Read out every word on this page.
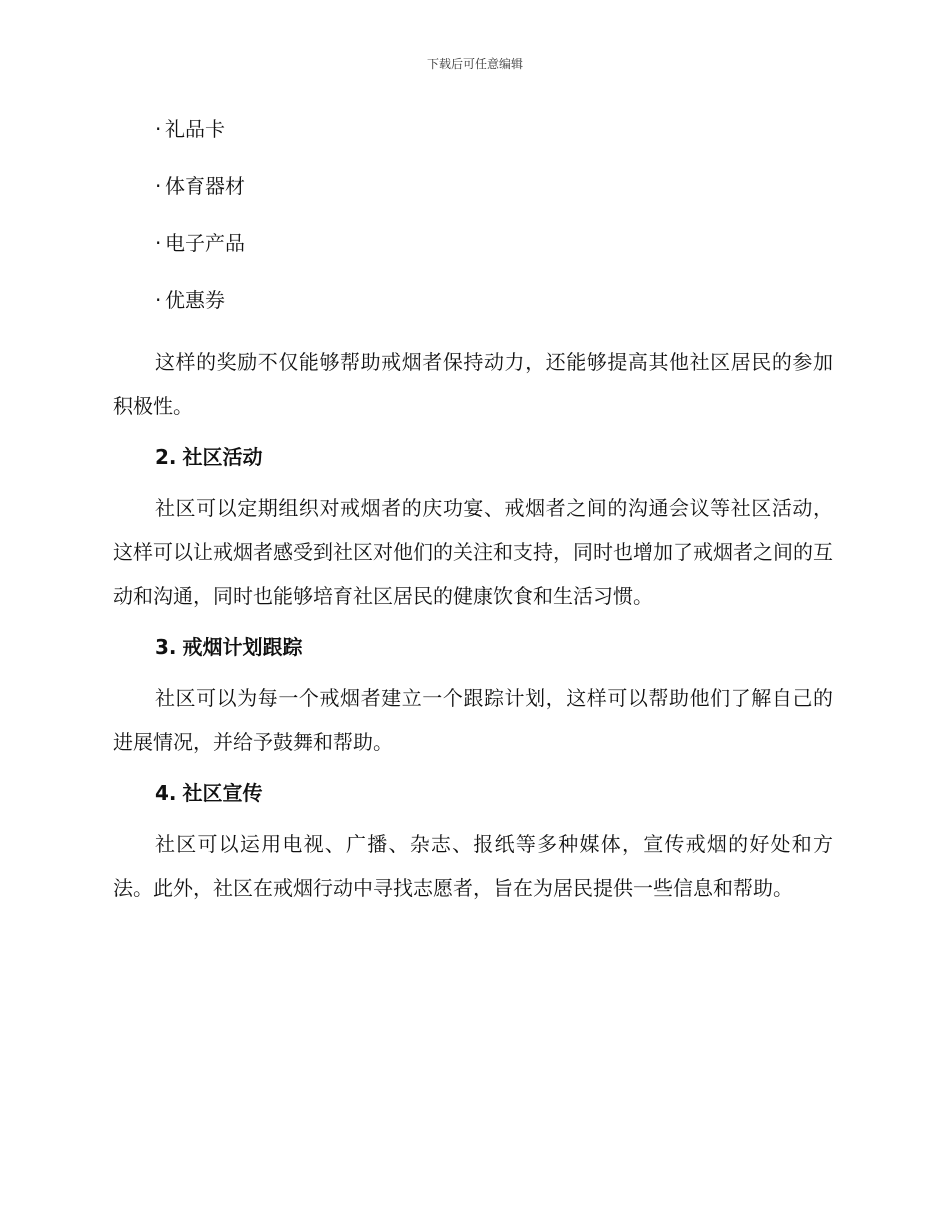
下载后可任意编辑
· 礼品卡
· 体育器材
· 电子产品
· 优惠券

这样的奖励不仅能够帮助戒烟者保持动力，还能够提高其他社区居民的参加积极性。

2. 社区活动

社区可以定期组织对戒烟者的庆功宴、戒烟者之间的沟通会议等社区活动，这样可以让戒烟者感受到社区对他们的关注和支持，同时也增加了戒烟者之间的互动和沟通，同时也能够培育社区居民的健康饮食和生活习惯。

3. 戒烟计划跟踪

社区可以为每一个戒烟者建立一个跟踪计划，这样可以帮助他们了解自己的进展情况，并给予鼓舞和帮助。

4. 社区宣传

社区可以运用电视、广播、杂志、报纸等多种媒体，宣传戒烟的好处和方法。此外，社区在戒烟行动中寻找志愿者，旨在为居民提供一些信息和帮助。
